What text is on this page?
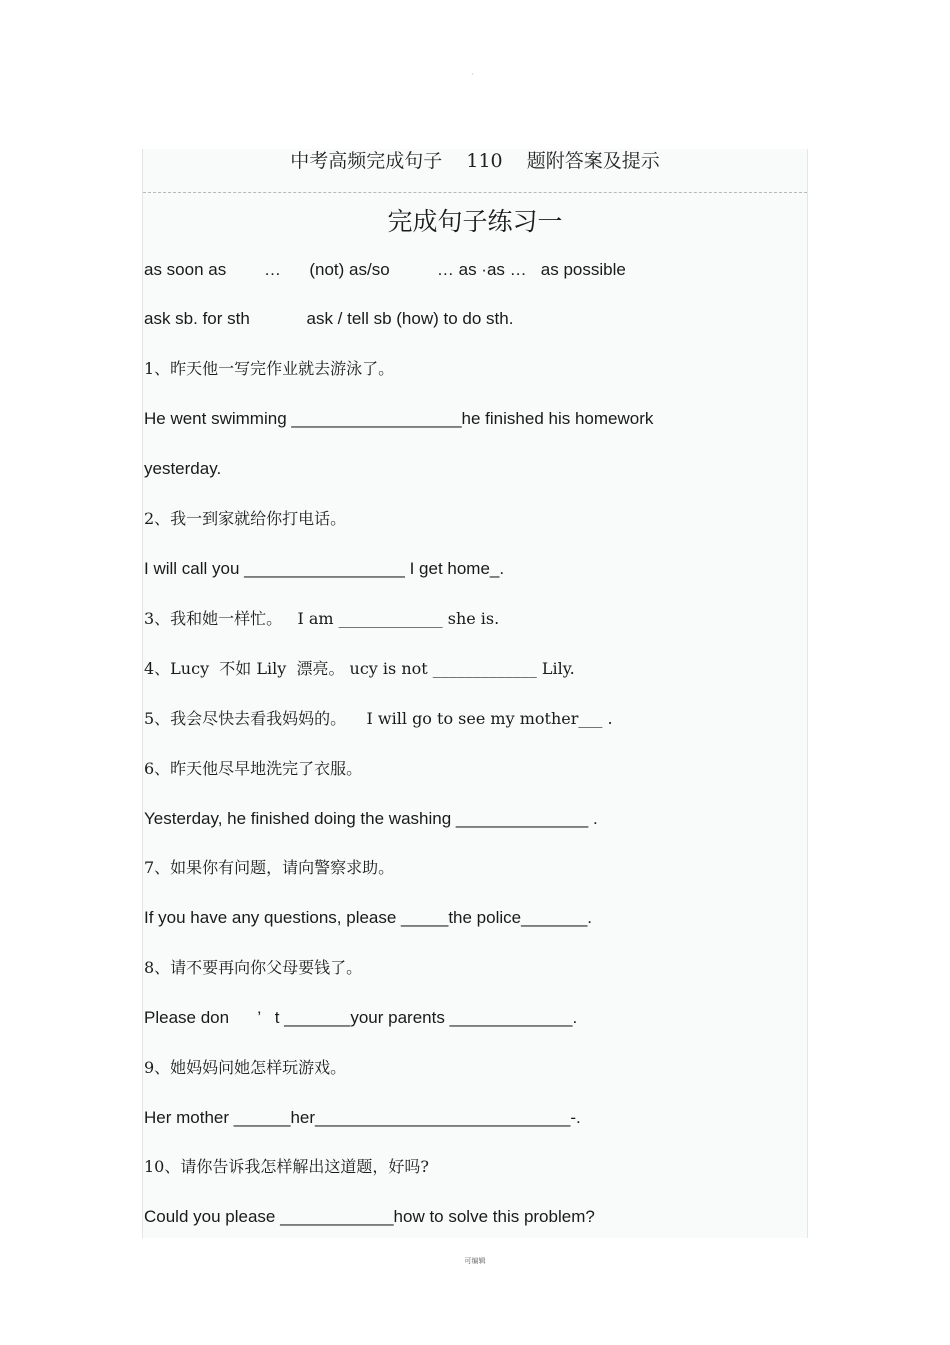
·
中考高频完成句子    110    题附答案及提示
完成句子练习一
as soon as        …      (not) as/so          … as ·as …   as possible
ask sb. for sth            ask / tell sb (how) to do sth.
1、昨天他一写完作业就去游泳了。
He went swimming __________________he finished his homework
yesterday.
2、我一到家就给你打电话。
I will call you _________________ I get home_.
3、我和她一样忙。   I am _____________ she is.
4、Lucy  不如 Lily  漂亮。 ucy is not _____________ Lily.
5、我会尽快去看我妈妈的。    I will go to see my mother___ .
6、昨天他尽早地洗完了衣服。
Yesterday, he finished doing the washing ______________ .
7、如果你有问题，请向警察求助。
If you have any questions, please _____the police_______.
8、请不要再向你父母要钱了。
Please don      ’   t _______your parents _____________.
9、她妈妈问她怎样玩游戏。
Her mother ______her___________________________-.
10、请你告诉我怎样解出这道题，好吗?
Could you please ____________how to solve this problem?
可编辑
